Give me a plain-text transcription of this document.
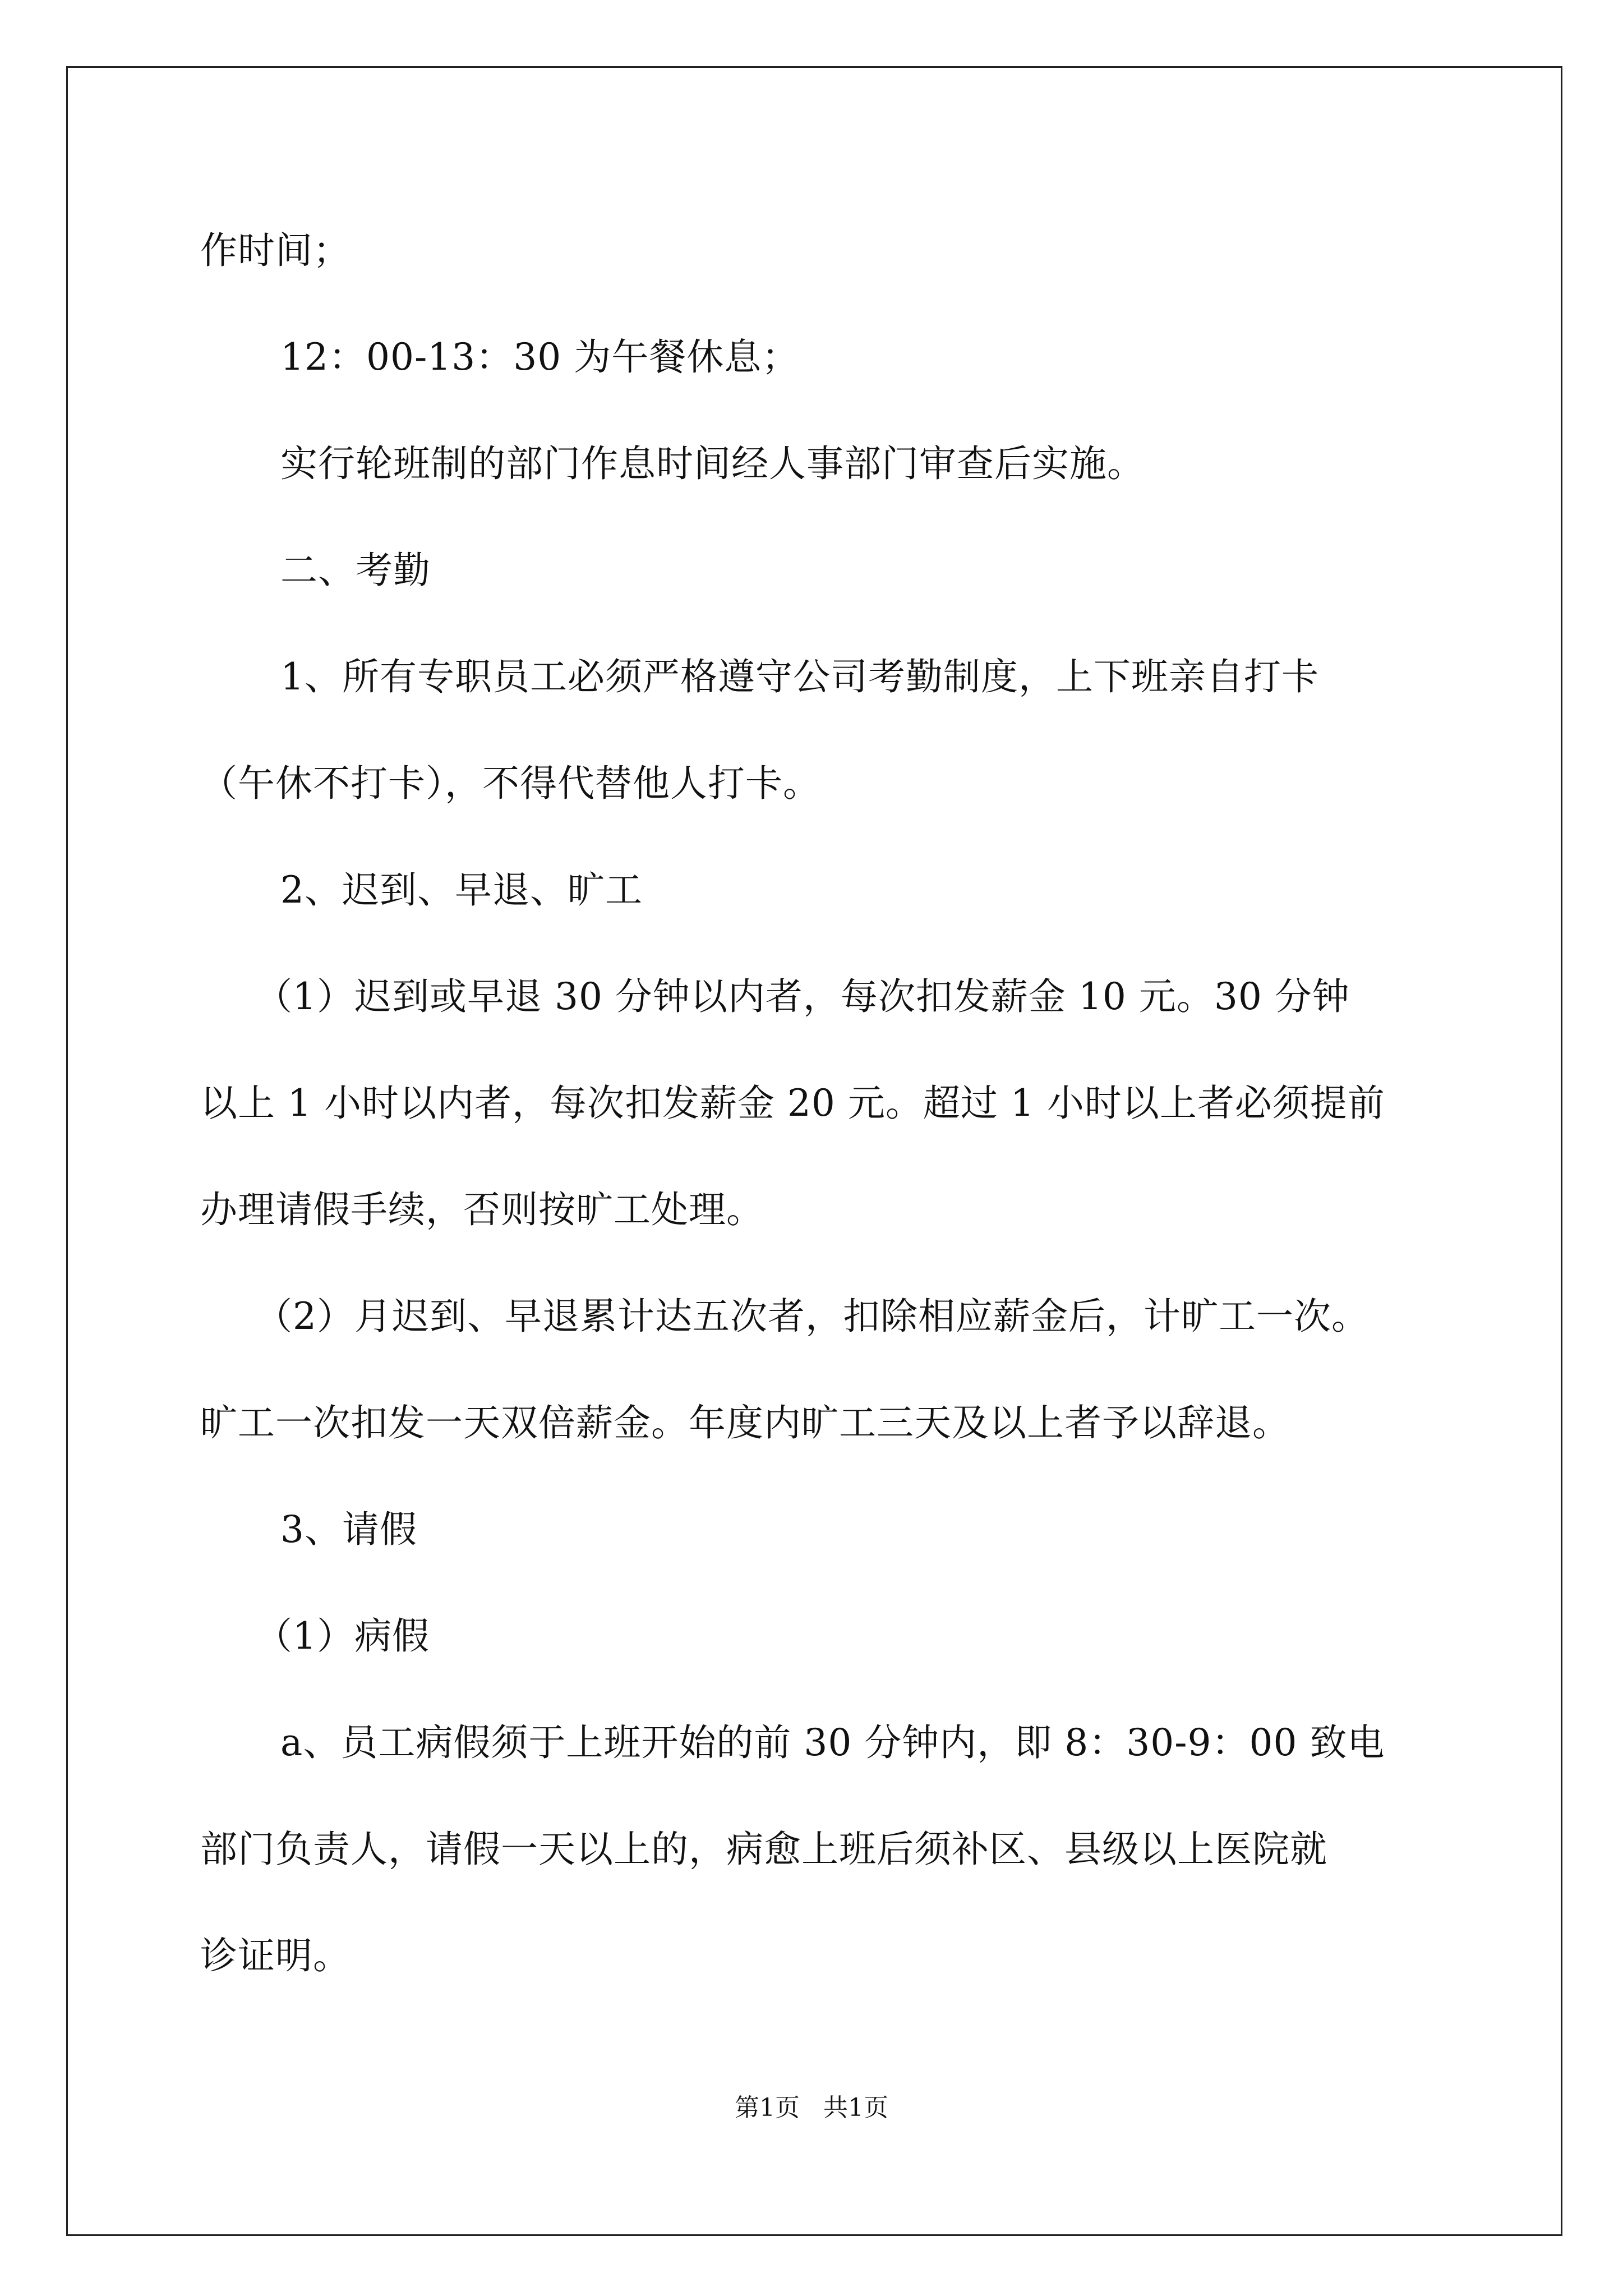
作时间；
12：00-13：30 为午餐休息；
实行轮班制的部门作息时间经人事部门审查后实施。
二、考勤
1、所有专职员工必须严格遵守公司考勤制度，上下班亲自打卡
（午休不打卡），不得代替他人打卡。
2、迟到、早退、旷工
（1）迟到或早退 30 分钟以内者，每次扣发薪金 10 元。30 分钟
以上 1 小时以内者，每次扣发薪金 20 元。超过 1 小时以上者必须提前
办理请假手续，否则按旷工处理。
（2）月迟到、早退累计达五次者，扣除相应薪金后，计旷工一次。
旷工一次扣发一天双倍薪金。年度内旷工三天及以上者予以辞退。
3、请假
（1）病假
a、员工病假须于上班开始的前 30 分钟内，即 8：30-9：00 致电
部门负责人，请假一天以上的，病愈上班后须补区、县级以上医院就
诊证明。
第1页   共1页
